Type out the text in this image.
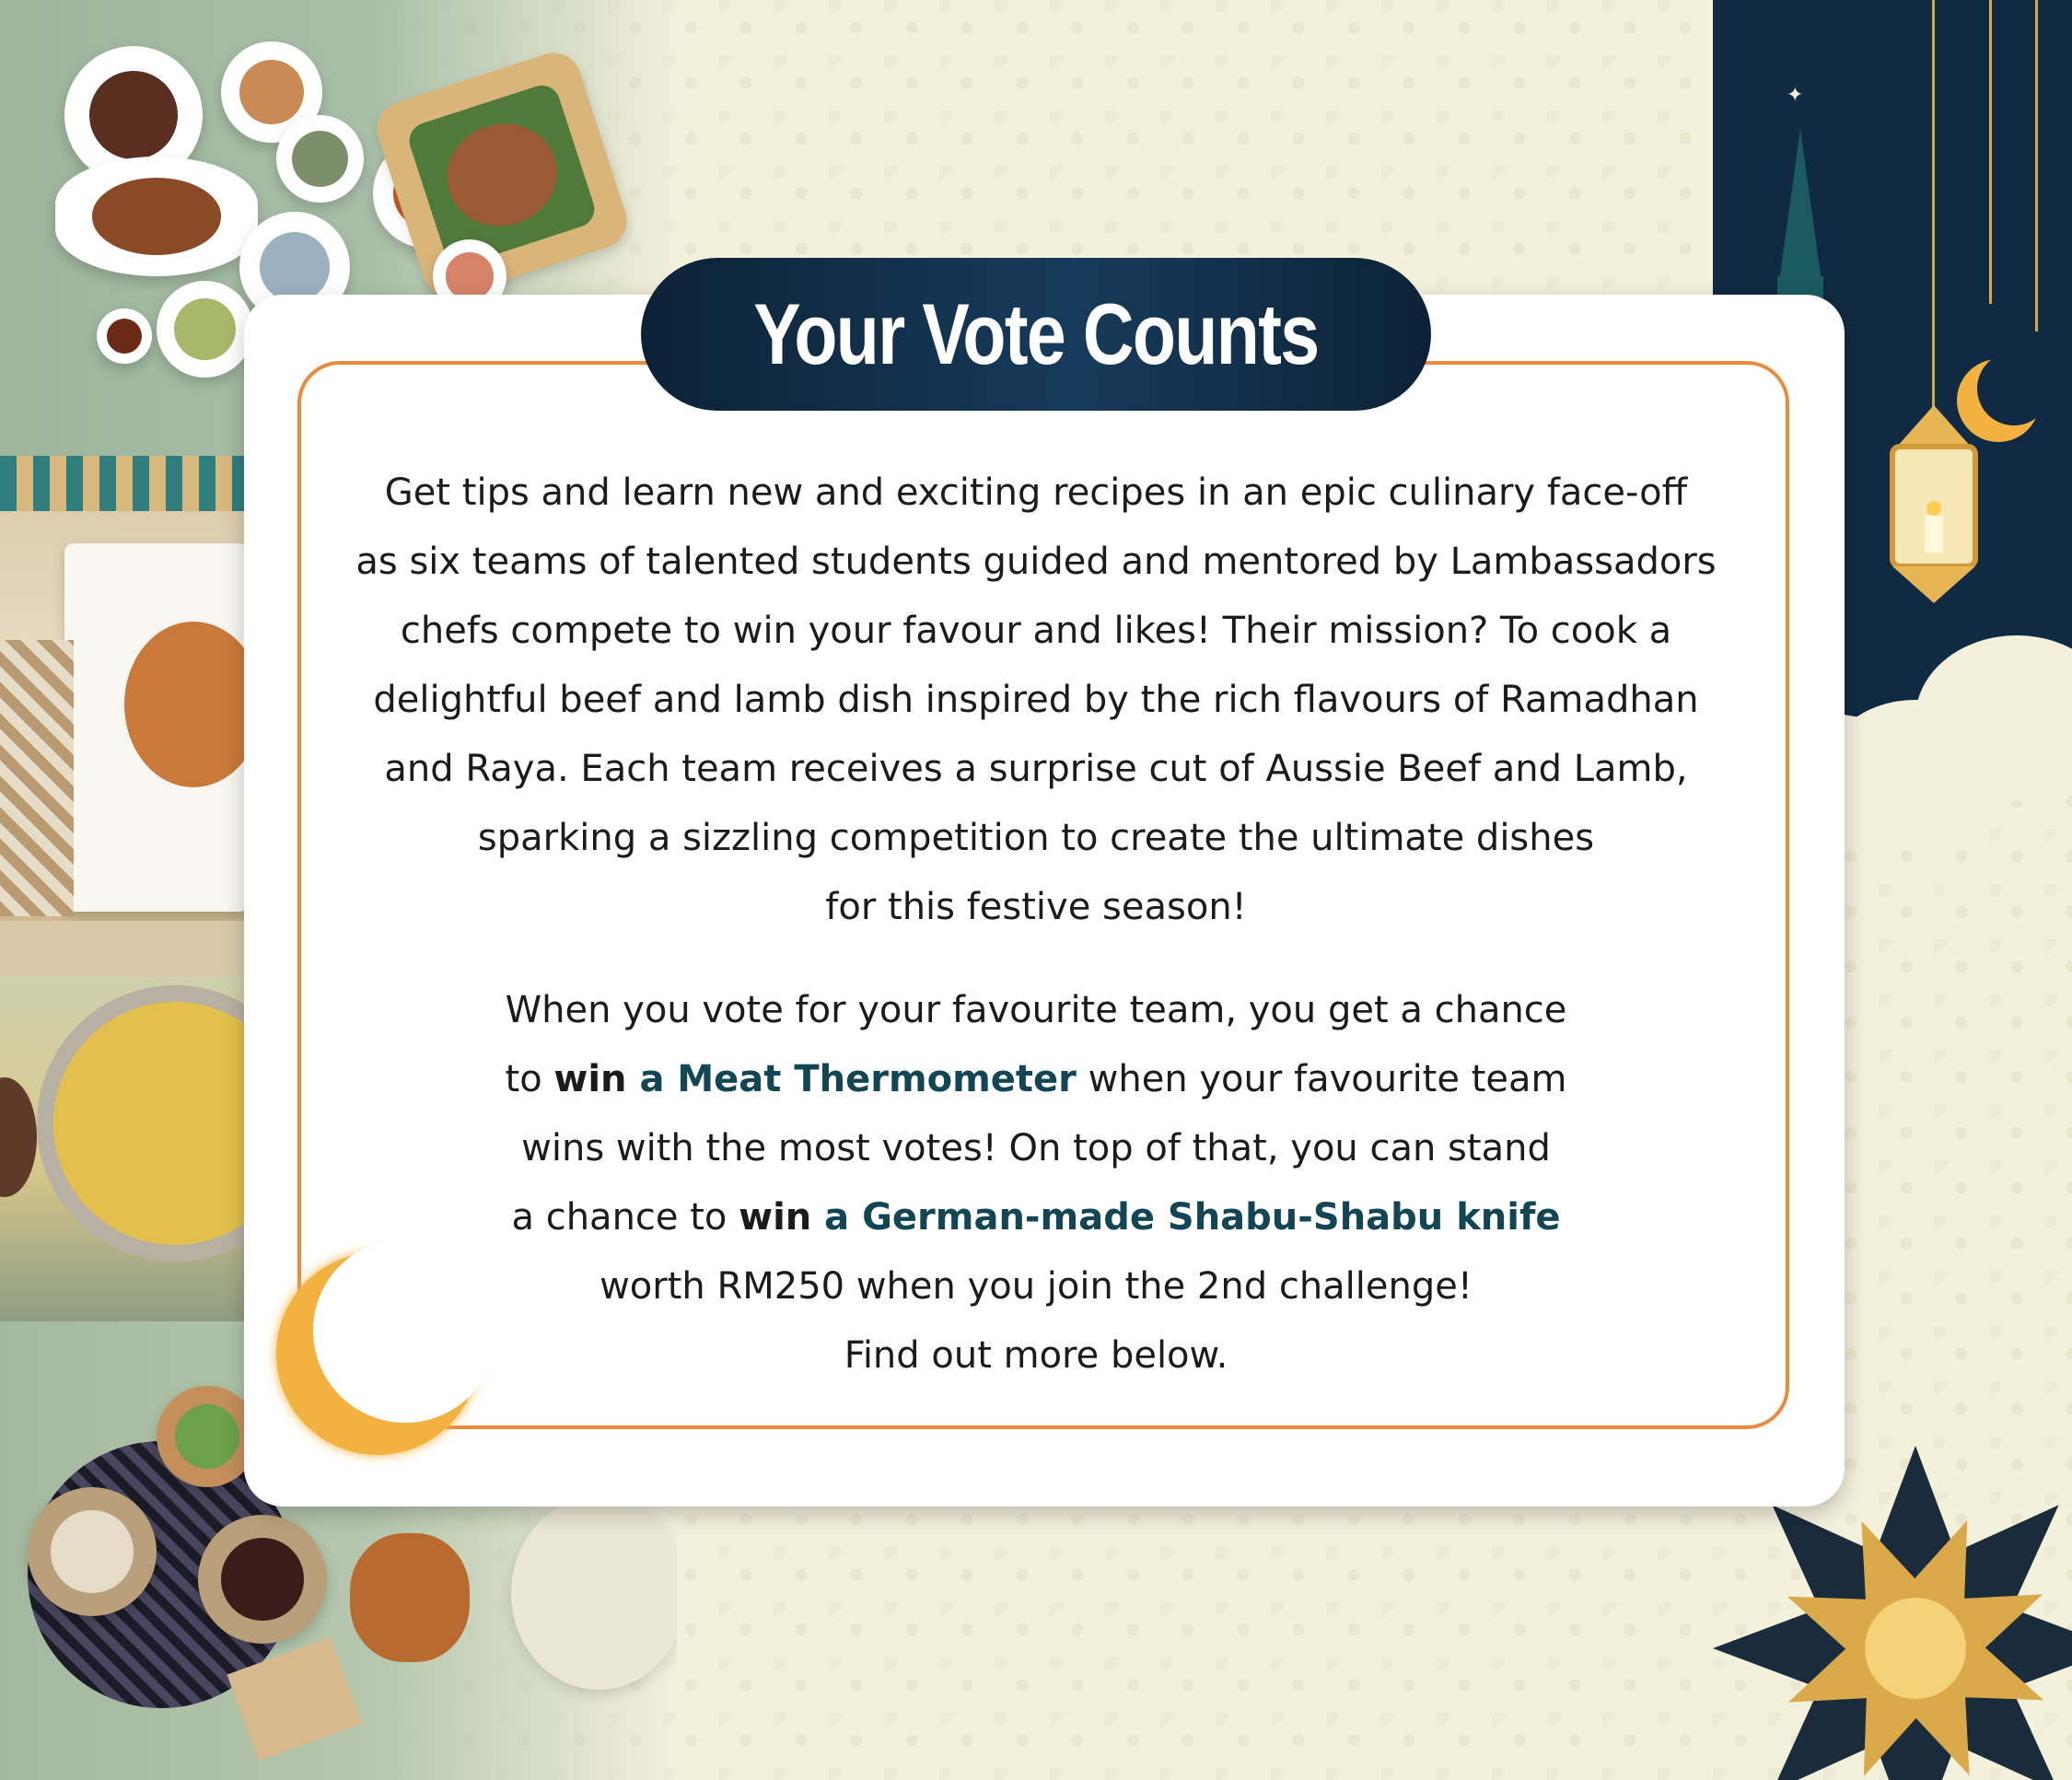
✦
Your Vote Counts
Get tips and learn new and exciting recipes in an epic culinary face-off
as six teams of talented students guided and mentored by Lambassadors
chefs compete to win your favour and likes! Their mission? To cook a
delightful beef and lamb dish inspired by the rich flavours of Ramadhan
and Raya. Each team receives a surprise cut of Aussie Beef and Lamb,
sparking a sizzling competition to create the ultimate dishes
for this festive season!
When you vote for your favourite team, you get a chance
to win a Meat Thermometer when your favourite team
wins with the most votes! On top of that, you can stand
a chance to win a German-made Shabu-Shabu knife
worth RM250 when you join the 2nd challenge!
Find out more below.
